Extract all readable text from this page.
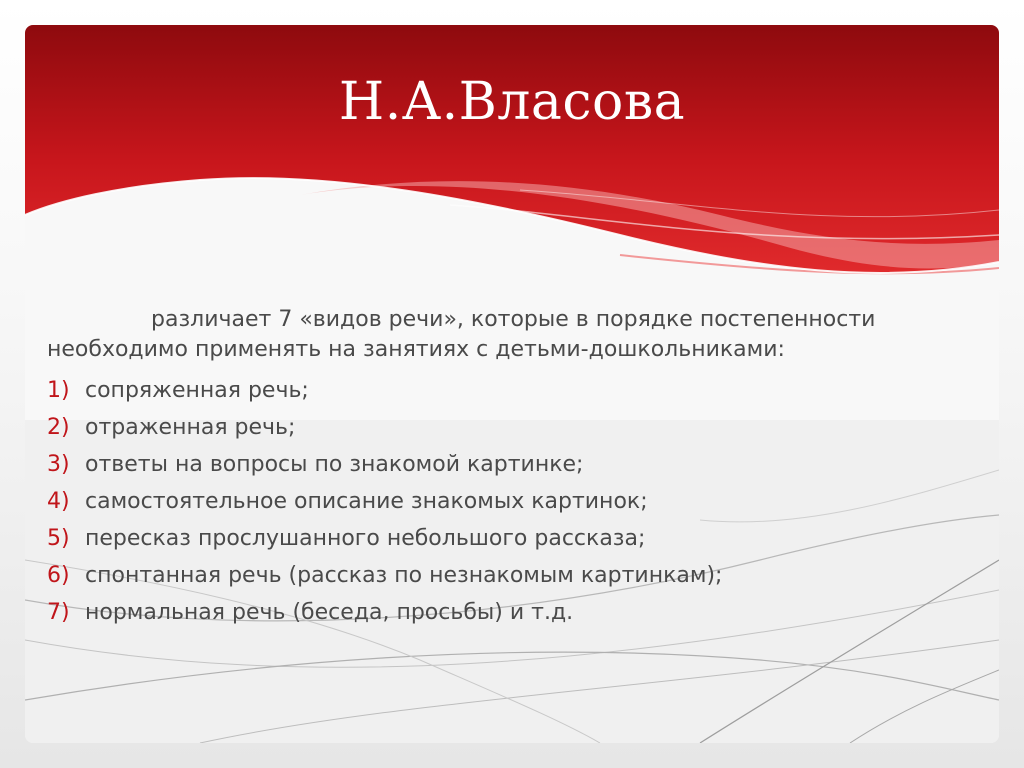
Н.А.Власова
различает 7 «видов речи», которые в порядке постепенности необходимо применять на занятиях с детьми-дошкольниками:
1) сопряженная речь;
2) отраженная речь;
3) ответы на вопросы по знакомой картинке;
4) самостоятельное описание знакомых картинок;
5) пересказ прослушанного небольшого рассказа;
6) спонтанная речь (рассказ по незнакомым картинкам);
7) нормальная речь (беседа, просьбы) и т.д.
